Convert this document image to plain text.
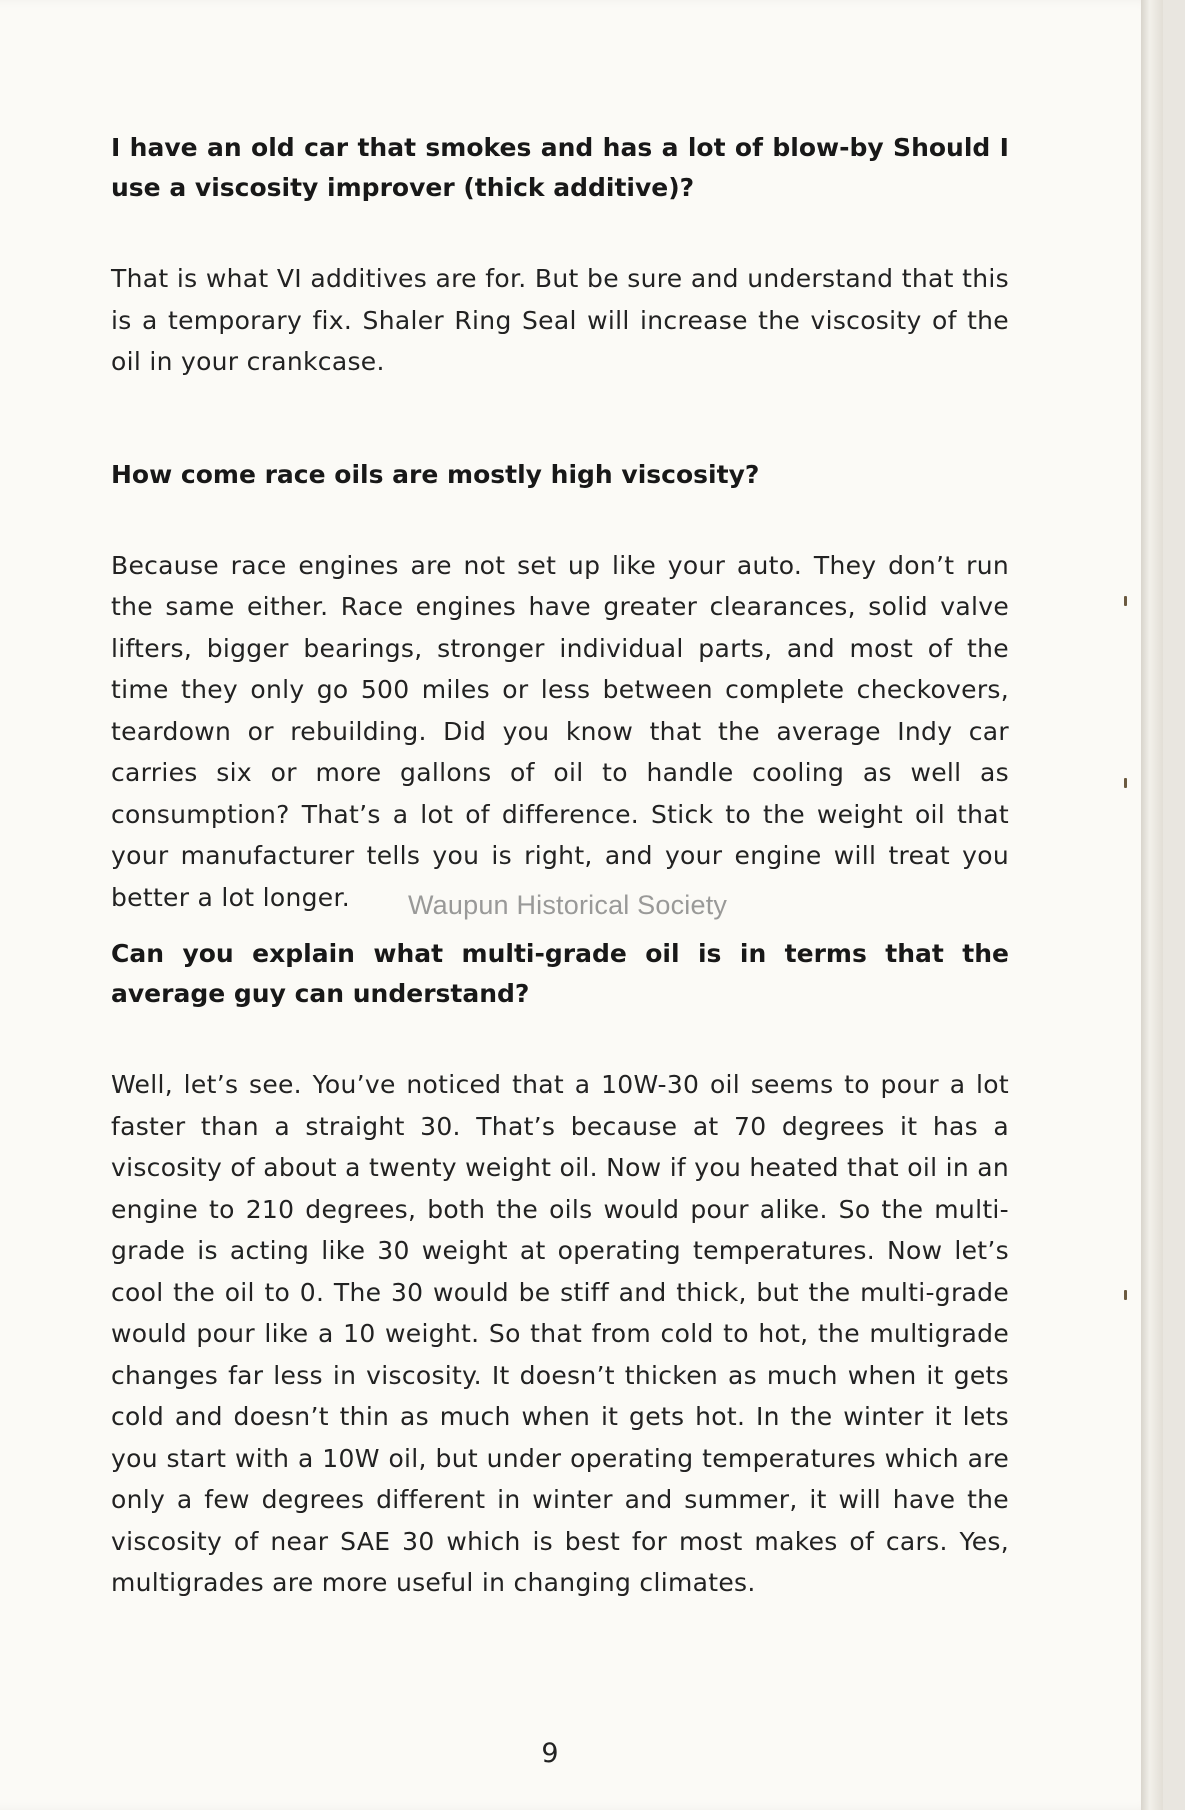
I have an old car that smokes and has a lot of blow-by Should I use a viscosity improver (thick additive)?

That is what VI additives are for. But be sure and understand that this is a temporary fix. Shaler Ring Seal will increase the viscosity of the oil in your crankcase.

How come race oils are mostly high viscosity?

Because race engines are not set up like your auto. They don’t run the same either. Race engines have greater clearances, solid valve lifters, bigger bearings, stronger individual parts, and most of the time they only go 500 miles or less between complete checkovers, teardown or rebuilding. Did you know that the average Indy car carries six or more gallons of oil to handle cooling as well as consumption? That’s a lot of difference. Stick to the weight oil that your manufacturer tells you is right, and your engine will treat you better a lot longer.

Can you explain what multi-grade oil is in terms that the average guy can understand?

Well, let’s see. You’ve noticed that a 10W-30 oil seems to pour a lot faster than a straight 30. That’s because at 70 degrees it has a viscosity of about a twenty weight oil. Now if you heated that oil in an engine to 210 degrees, both the oils would pour alike. So the multi-grade is acting like 30 weight at operating temperatures. Now let’s cool the oil to 0. The 30 would be stiff and thick, but the multi-grade would pour like a 10 weight. So that from cold to hot, the multigrade changes far less in viscosity. It doesn’t thicken as much when it gets cold and doesn’t thin as much when it gets hot. In the winter it lets you start with a 10W oil, but under operating temperatures which are only a few degrees different in winter and summer, it will have the viscosity of near SAE 30 which is best for most makes of cars. Yes, multigrades are more useful in changing climates.

Waupun Historical Society
9
